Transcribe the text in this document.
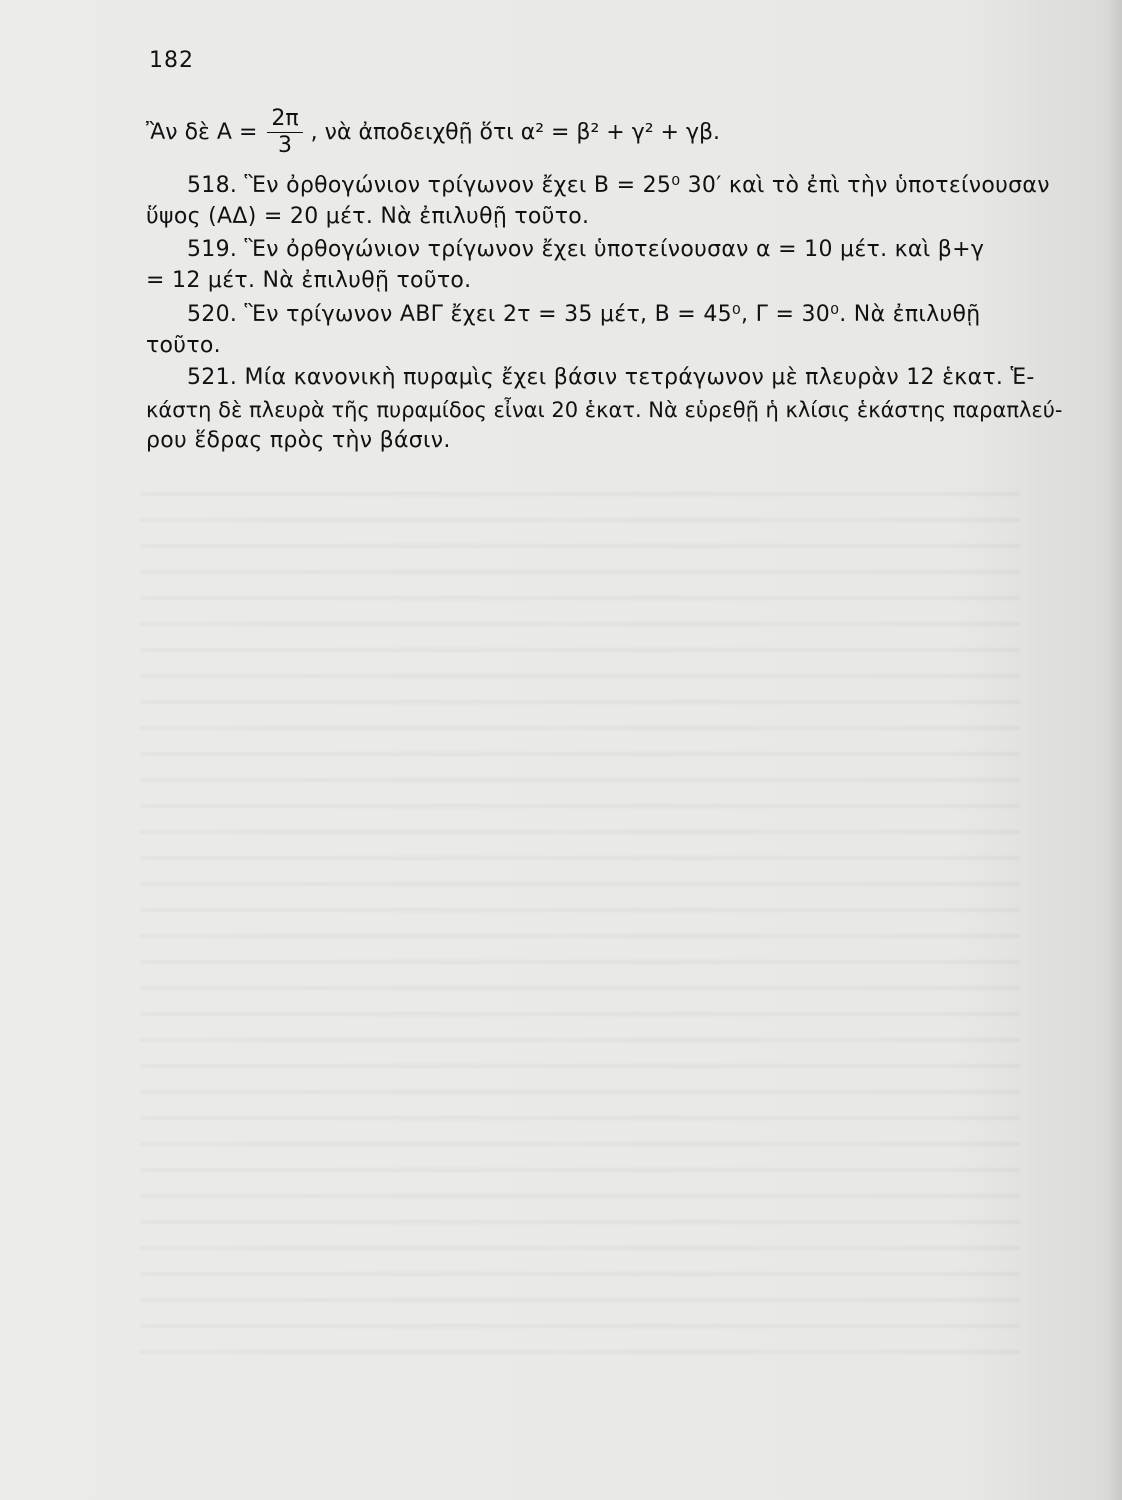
182
Ἂν δὲ $A = \frac{2\pi}{3}$ , νὰ ἀποδειχθῇ ὅτι α² = β² + γ² + γβ.
518. Ἓν ὀρθογώνιον τρίγωνον ἔχει Β = 25⁰ 30′ καὶ τὸ ἐπὶ τὴν ὑποτείνουσαν
ὕψος (ΑΔ) = 20 μέτ. Νὰ ἐπιλυθῇ τοῦτο.
519. Ἓν ὀρθογώνιον τρίγωνον ἔχει ὑποτείνουσαν α = 10 μέτ. καὶ β+γ
= 12 μέτ. Νὰ ἐπιλυθῇ τοῦτο.
520. Ἓν τρίγωνον ΑΒΓ ἔχει 2τ = 35 μέτ, Β = 45⁰, Γ = 30⁰. Νὰ ἐπιλυθῇ
τοῦτο.
521. Μία κανονικὴ πυραμὶς ἔχει βάσιν τετράγωνον μὲ πλευρὰν 12 ἑκατ. Ἑ-
κάστη δὲ πλευρὰ τῆς πυραμίδος εἶναι 20 ἑκατ. Νὰ εὑρεθῇ ἡ κλίσις ἑκάστης παραπλεύ-
ρου ἕδρας πρὸς τὴν βάσιν.
